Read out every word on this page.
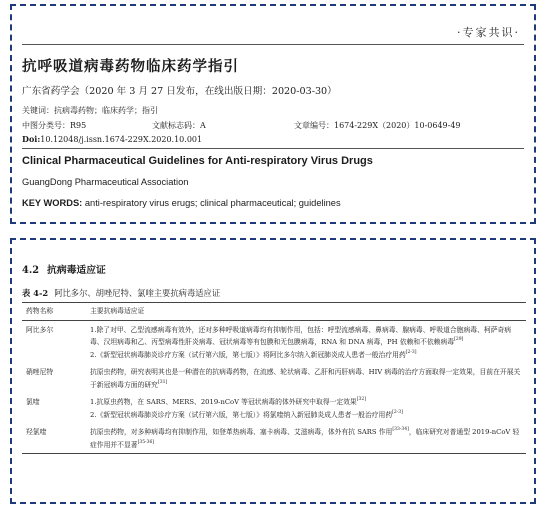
·专家共识·
抗呼吸道病毒药物临床药学指引
广东省药学会（2020 年 3 月 27 日发布，在线出版日期：2020-03-30）
关键词：抗病毒药物；临床药学；指引
中图分类号：R95	文献标志码：A	文章编号：1674-229X（2020）10-0649-49
Doi:10.12048/j.issn.1674-229X.2020.10.001
Clinical Pharmaceutical Guidelines for Anti-respiratory Virus Drugs
GuangDong Pharmaceutical Association
KEY WORDS: anti-respiratory virus erugs; clinical pharmaceutical; guidelines
4.2 抗病毒适应证
表 4-2 阿比多尔、胡唑尼特、氯喹主要抗病毒适应证
药物名称	主要抗病毒适应证
阿比多尔	1.除了对甲、乙型流感病毒有效外，还对多种呼吸道病毒均有抑制作用，包括：呼型流感病毒、鼻病毒、腺病毒、呼吸道合胞病毒、柯萨奇病毒、汉坦病毒和乙、丙型病毒性肝炎病毒、冠状病毒等有包膜和无包膜病毒，RNA 和 DNA 病毒，PH 依赖和不依赖病毒[29]

2.《新型冠状病毒肺炎诊疗方案（试行第六版，第七版）》将阿比多尔纳入新冠肺炎成人患者一般治疗用药[2-3]

硝唑尼特	抗原虫药物，研究表明其也是一种潜在的抗病毒药物，在流感、轮状病毒、乙肝和丙肝病毒、HIV 病毒的治疗方面取得一定效果，目前在开展关于新冠病毒方面的研究[31]

氯喹	1.抗原虫药物，在 SARS、MERS、2019-nCoV 等冠状病毒的体外研究中取得一定效果[32]

2.《新型冠状病毒肺炎诊疗方案（试行第六版，第七版）》将氯喹纳入新冠肺炎成人患者一般治疗用药[2-3]

羟氯喹	抗原虫药物，对多种病毒均有抑制作用，如登革热病毒、塞卡病毒、艾滋病毒，体外有抗 SARS 作用[33-34]，临床研究对普通型 2019-nCoV 轻症作用并不显著[35-36]
